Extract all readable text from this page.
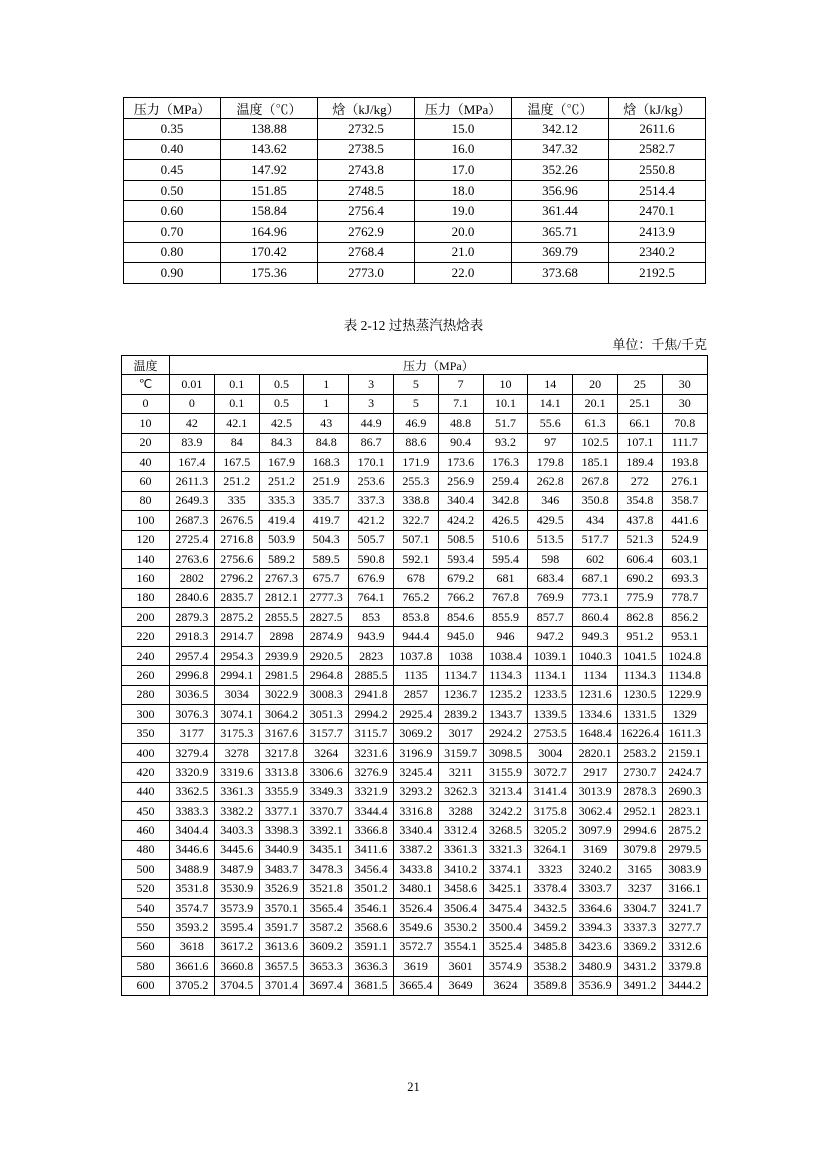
压力（MPa）	温度（℃）	焓（kJ/kg）	压力（MPa）	温度（℃）	焓（kJ/kg）
0.35	138.88	2732.5	15.0	342.12	2611.6
0.40	143.62	2738.5	16.0	347.32	2582.7
0.45	147.92	2743.8	17.0	352.26	2550.8
0.50	151.85	2748.5	18.0	356.96	2514.4
0.60	158.84	2756.4	19.0	361.44	2470.1
0.70	164.96	2762.9	20.0	365.71	2413.9
0.80	170.42	2768.4	21.0	369.79	2340.2
0.90	175.36	2773.0	22.0	373.68	2192.5
表 2-12 过热蒸汽热焓表
单位：千焦/千克
温度	压力（MPa）											
℃	0.01	0.1	0.5	1	3	5	7	10	14	20	25	30
0	0	0.1	0.5	1	3	5	7.1	10.1	14.1	20.1	25.1	30
10	42	42.1	42.5	43	44.9	46.9	48.8	51.7	55.6	61.3	66.1	70.8
20	83.9	84	84.3	84.8	86.7	88.6	90.4	93.2	97	102.5	107.1	111.7
40	167.4	167.5	167.9	168.3	170.1	171.9	173.6	176.3	179.8	185.1	189.4	193.8
60	2611.3	251.2	251.2	251.9	253.6	255.3	256.9	259.4	262.8	267.8	272	276.1
80	2649.3	335	335.3	335.7	337.3	338.8	340.4	342.8	346	350.8	354.8	358.7
100	2687.3	2676.5	419.4	419.7	421.2	322.7	424.2	426.5	429.5	434	437.8	441.6
120	2725.4	2716.8	503.9	504.3	505.7	507.1	508.5	510.6	513.5	517.7	521.3	524.9
140	2763.6	2756.6	589.2	589.5	590.8	592.1	593.4	595.4	598	602	606.4	603.1
160	2802	2796.2	2767.3	675.7	676.9	678	679.2	681	683.4	687.1	690.2	693.3
180	2840.6	2835.7	2812.1	2777.3	764.1	765.2	766.2	767.8	769.9	773.1	775.9	778.7
200	2879.3	2875.2	2855.5	2827.5	853	853.8	854.6	855.9	857.7	860.4	862.8	856.2
220	2918.3	2914.7	2898	2874.9	943.9	944.4	945.0	946	947.2	949.3	951.2	953.1
240	2957.4	2954.3	2939.9	2920.5	2823	1037.8	1038	1038.4	1039.1	1040.3	1041.5	1024.8
260	2996.8	2994.1	2981.5	2964.8	2885.5	1135	1134.7	1134.3	1134.1	1134	1134.3	1134.8
280	3036.5	3034	3022.9	3008.3	2941.8	2857	1236.7	1235.2	1233.5	1231.6	1230.5	1229.9
300	3076.3	3074.1	3064.2	3051.3	2994.2	2925.4	2839.2	1343.7	1339.5	1334.6	1331.5	1329
350	3177	3175.3	3167.6	3157.7	3115.7	3069.2	3017	2924.2	2753.5	1648.4	16226.4	1611.3
400	3279.4	3278	3217.8	3264	3231.6	3196.9	3159.7	3098.5	3004	2820.1	2583.2	2159.1
420	3320.9	3319.6	3313.8	3306.6	3276.9	3245.4	3211	3155.9	3072.7	2917	2730.7	2424.7
440	3362.5	3361.3	3355.9	3349.3	3321.9	3293.2	3262.3	3213.4	3141.4	3013.9	2878.3	2690.3
450	3383.3	3382.2	3377.1	3370.7	3344.4	3316.8	3288	3242.2	3175.8	3062.4	2952.1	2823.1
460	3404.4	3403.3	3398.3	3392.1	3366.8	3340.4	3312.4	3268.5	3205.2	3097.9	2994.6	2875.2
480	3446.6	3445.6	3440.9	3435.1	3411.6	3387.2	3361.3	3321.3	3264.1	3169	3079.8	2979.5
500	3488.9	3487.9	3483.7	3478.3	3456.4	3433.8	3410.2	3374.1	3323	3240.2	3165	3083.9
520	3531.8	3530.9	3526.9	3521.8	3501.2	3480.1	3458.6	3425.1	3378.4	3303.7	3237	3166.1
540	3574.7	3573.9	3570.1	3565.4	3546.1	3526.4	3506.4	3475.4	3432.5	3364.6	3304.7	3241.7
550	3593.2	3595.4	3591.7	3587.2	3568.6	3549.6	3530.2	3500.4	3459.2	3394.3	3337.3	3277.7
560	3618	3617.2	3613.6	3609.2	3591.1	3572.7	3554.1	3525.4	3485.8	3423.6	3369.2	3312.6
580	3661.6	3660.8	3657.5	3653.3	3636.3	3619	3601	3574.9	3538.2	3480.9	3431.2	3379.8
600	3705.2	3704.5	3701.4	3697.4	3681.5	3665.4	3649	3624	3589.8	3536.9	3491.2	3444.2
21
